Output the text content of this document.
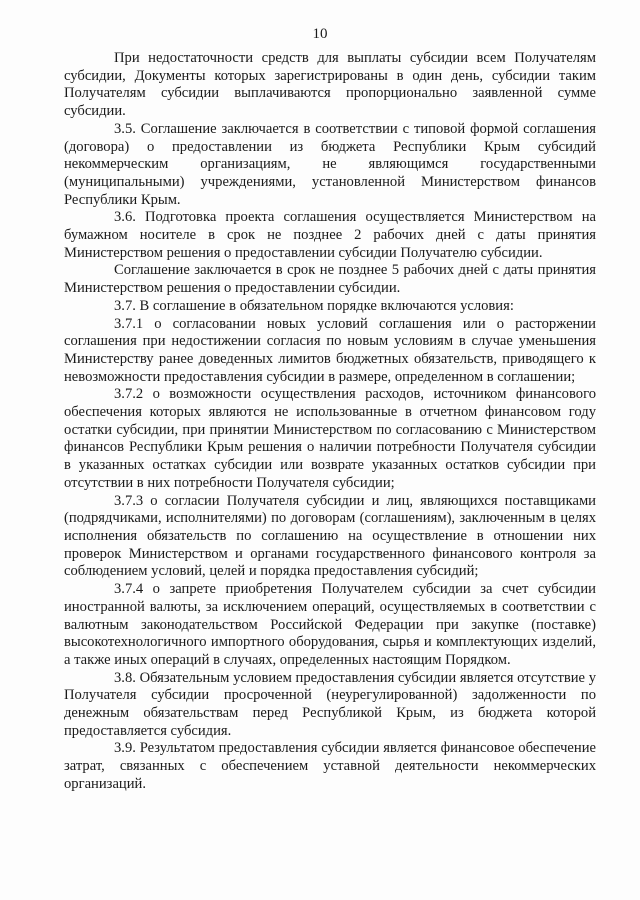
10

При недостаточности средств для выплаты субсидии всем Получателям субсидии, Документы которых зарегистрированы в один день, субсидии таким Получателям субсидии выплачиваются пропорционально заявленной сумме субсидии.

3.5. Соглашение заключается в соответствии с типовой формой соглашения (договора) о предоставлении из бюджета Республики Крым субсидий некоммерческим организациям, не являющимся государственными (муниципальными) учреждениями, установленной Министерством финансов Республики Крым.

3.6. Подготовка проекта соглашения осуществляется Министерством на бумажном носителе в срок не позднее 2 рабочих дней с даты принятия Министерством решения о предоставлении субсидии Получателю субсидии.

Соглашение заключается в срок не позднее 5 рабочих дней с даты принятия Министерством решения о предоставлении субсидии.

3.7. В соглашение в обязательном порядке включаются условия:

3.7.1 о согласовании новых условий соглашения или о расторжении соглашения при недостижении согласия по новым условиям в случае уменьшения Министерству ранее доведенных лимитов бюджетных обязательств, приводящего к невозможности предоставления субсидии в размере, определенном в соглашении;

3.7.2 о возможности осуществления расходов, источником финансового обеспечения которых являются не использованные в отчетном финансовом году остатки субсидии, при принятии Министерством по согласованию с Министерством финансов Республики Крым решения о наличии потребности Получателя субсидии в указанных остатках субсидии или возврате указанных остатков субсидии при отсутствии в них потребности Получателя субсидии;

3.7.3 о согласии Получателя субсидии и лиц, являющихся поставщиками (подрядчиками, исполнителями) по договорам (соглашениям), заключенным в целях исполнения обязательств по соглашению на осуществление в отношении них проверок Министерством и органами государственного финансового контроля за соблюдением условий, целей и порядка предоставления субсидий;

3.7.4 о запрете приобретения Получателем субсидии за счет субсидии иностранной валюты, за исключением операций, осуществляемых в соответствии с валютным законодательством Российской Федерации при закупке (поставке) высокотехнологичного импортного оборудования, сырья и комплектующих изделий, а также иных операций в случаях, определенных настоящим Порядком.

3.8. Обязательным условием предоставления субсидии является отсутствие у Получателя субсидии просроченной (неурегулированной) задолженности по денежным обязательствам перед Республикой Крым, из бюджета которой предоставляется субсидия.

3.9. Результатом предоставления субсидии является финансовое обеспечение затрат, связанных с обеспечением уставной деятельности некоммерческих организаций.
